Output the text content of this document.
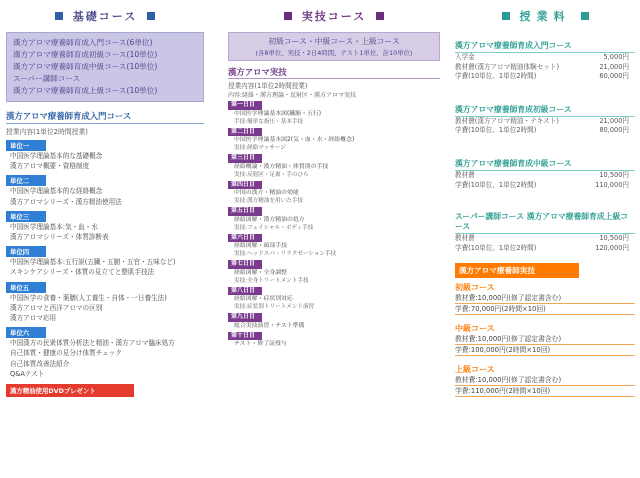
基礎コース
漢方アロマ療養師育成入門コース(6単位)
漢方アロマ療養師育成初級コース(10単位)
漢方アロマ療養師育成中級コース(10単位)
スーパー講師コース
漢方アロマ療養師育成上級コース(10単位)
漢方アロマ療養師育成入門コース
授業内容(1単位2時間授業)
単位一
中国医学理論基本的な基礎概念
漢方アロマ概要・資格制度
単位二
中国医学理論基本的な経絡概念
漢方アロマシリーズ・漢方精油使用法
単位三
中国医学理論基本:気・血・水
漢方アロマシリーズ・体質診断表
単位四
中国医学理論基本:五行説(五臓・五腑・五官・五味など)
スキンケアシリーズ・体質の見立てと整肌手技法
単位五
中国医学の食養・薬膳(人工養生・自体・一日養生法)
漢方アロマと西洋アロマの区別
漢方アロマ応用
単位六
中国漢方の民衆体質分析法と精油・漢方アロマ臨床処方
自己体質・健康の見分け体質チェック
自己体質改善法紹介
Q&Aテスト
漢方精油使用DVDプレゼント
実技コース
初級コース・中級コース・上級コース
(各8単位、実技・2日4時間、テスト1単位、計10単位)
漢方アロマ実技
授業内容(1単位2時間授業)
内容:経絡・漢方理論・反射区・漢方アロマ実技
第一日目
中国医学理論基本図(臓腑・五行)
手技:簡単な指圧・基本手技
第二日目
中国医学理論基本図2(気・血・水・経絡概念)
実技:経絡マッサージ
第三日目
経絡概論・漢方精油・体質別の手技
実技:反射区・足裏・手のひら
第四日目
中国の漢方・精油の効能
実技:漢方精油を用いた手技
第五日目
経絡図解・漢方精油の処方
実技:フェイシャル・ボディ手技
第六日目
経絡図解・頭部手技
実技:ヘッドスパ・リラクゼーション手技
第七日目
経絡図解・全身調整
実技:全身トリートメント手技
第八日目
経絡図解・症状別対応
実技:症状別トリートメント演習
第九日目
総合実技演習・テスト準備
第十日目
テスト・修了証授与
授業料
漢方アロマ療養師育成入門コース
入学金	5,000円
教材費(漢方アロマ精油体験セット)	21,000円
学費(10単位、1単位2時間)	60,000円
漢方アロマ療養師育成初級コース
教材費(漢方アロマ精油・テキスト)	21,000円
学費(10単位、1単位2時間)	80,000円
漢方アロマ療養師育成中級コース
教材費	10,500円
学費(10単位、1単位2時間)	110,000円
スーパー講師コース 漢方アロマ療養師育成上級コース
教材費	10,500円
学費(10単位、1単位2時間)	120,000円
漢方アロマ療養師実技
初級コース
教材費:10,000円(修了認定書含む)
学費:70,000円(2時間×10回)
中級コース
教材費:10,000円(修了認定書含む)
学費:100,000円(2時間×10回)
上級コース
教材費:10,000円(修了認定書含む)
学費:110,000円(2時間×10回)
